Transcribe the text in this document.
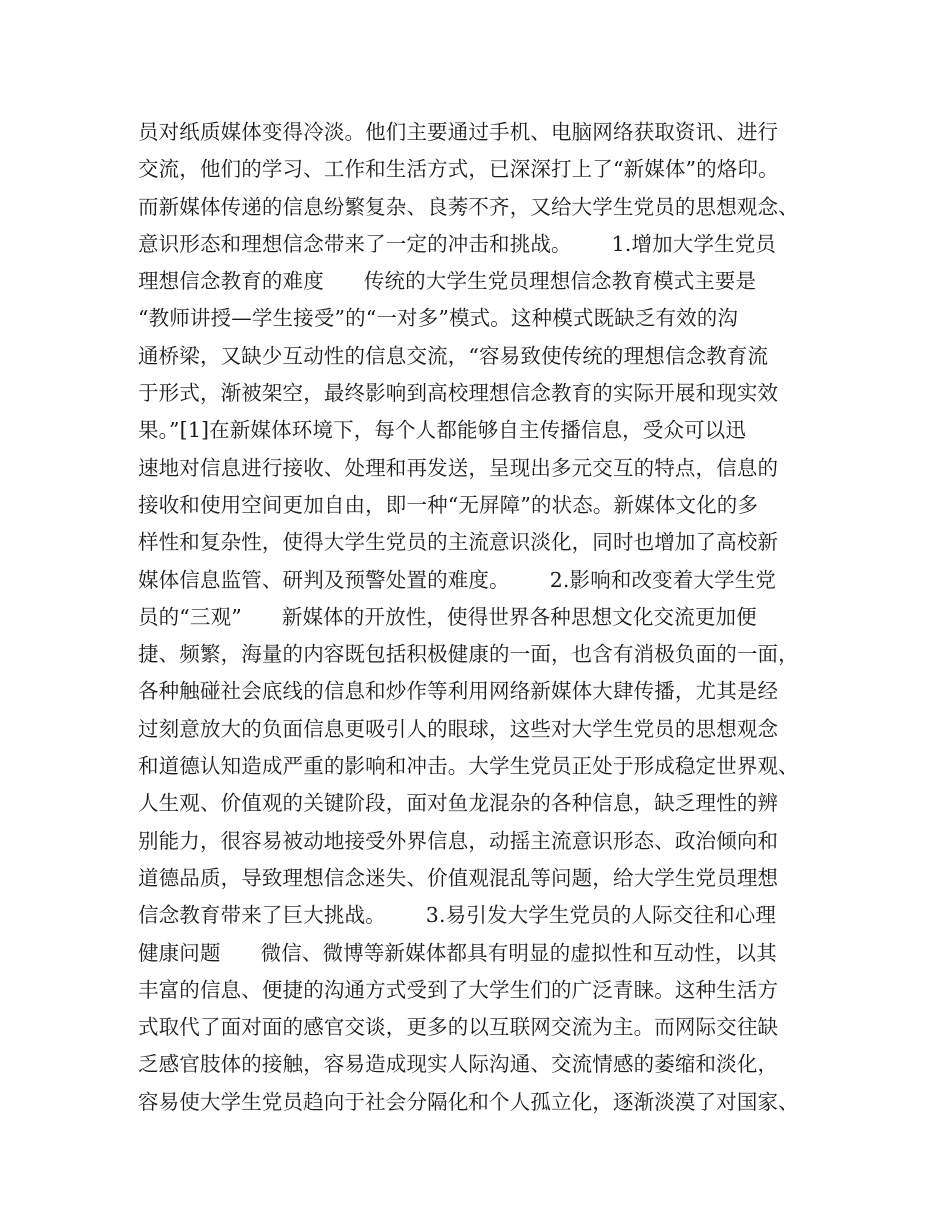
员对纸质媒体变得冷淡。他们主要通过手机、电脑网络获取资讯、进行
交流，他们的学习、工作和生活方式，已深深打上了“新媒体”的烙印。
而新媒体传递的信息纷繁复杂、良莠不齐，又给大学生党员的思想观念、
意识形态和理想信念带来了一定的冲击和挑战。      1.增加大学生党员
理想信念教育的难度      传统的大学生党员理想信念教育模式主要是
“教师讲授—学生接受”的“一对多”模式。这种模式既缺乏有效的沟
通桥梁，又缺少互动性的信息交流，“容易致使传统的理想信念教育流
于形式，渐被架空，最终影响到高校理想信念教育的实际开展和现实效
果。”[1]在新媒体环境下，每个人都能够自主传播信息，受众可以迅
速地对信息进行接收、处理和再发送，呈现出多元交互的特点，信息的
接收和使用空间更加自由，即一种“无屏障”的状态。新媒体文化的多
样性和复杂性，使得大学生党员的主流意识淡化，同时也增加了高校新
媒体信息监管、研判及预警处置的难度。      2.影响和改变着大学生党
员的“三观”      新媒体的开放性，使得世界各种思想文化交流更加便
捷、频繁，海量的内容既包括积极健康的一面，也含有消极负面的一面，
各种触碰社会底线的信息和炒作等利用网络新媒体大肆传播，尤其是经
过刻意放大的负面信息更吸引人的眼球，这些对大学生党员的思想观念
和道德认知造成严重的影响和冲击。大学生党员正处于形成稳定世界观、
人生观、价值观的关键阶段，面对鱼龙混杂的各种信息，缺乏理性的辨
别能力，很容易被动地接受外界信息，动摇主流意识形态、政治倾向和
道德品质，导致理想信念迷失、价值观混乱等问题，给大学生党员理想
信念教育带来了巨大挑战。      3.易引发大学生党员的人际交往和心理
健康问题      微信、微博等新媒体都具有明显的虚拟性和互动性，以其
丰富的信息、便捷的沟通方式受到了大学生们的广泛青睐。这种生活方
式取代了面对面的感官交谈，更多的以互联网交流为主。而网际交往缺
乏感官肢体的接触，容易造成现实人际沟通、交流情感的萎缩和淡化，
容易使大学生党员趋向于社会分隔化和个人孤立化，逐渐淡漠了对国家、
